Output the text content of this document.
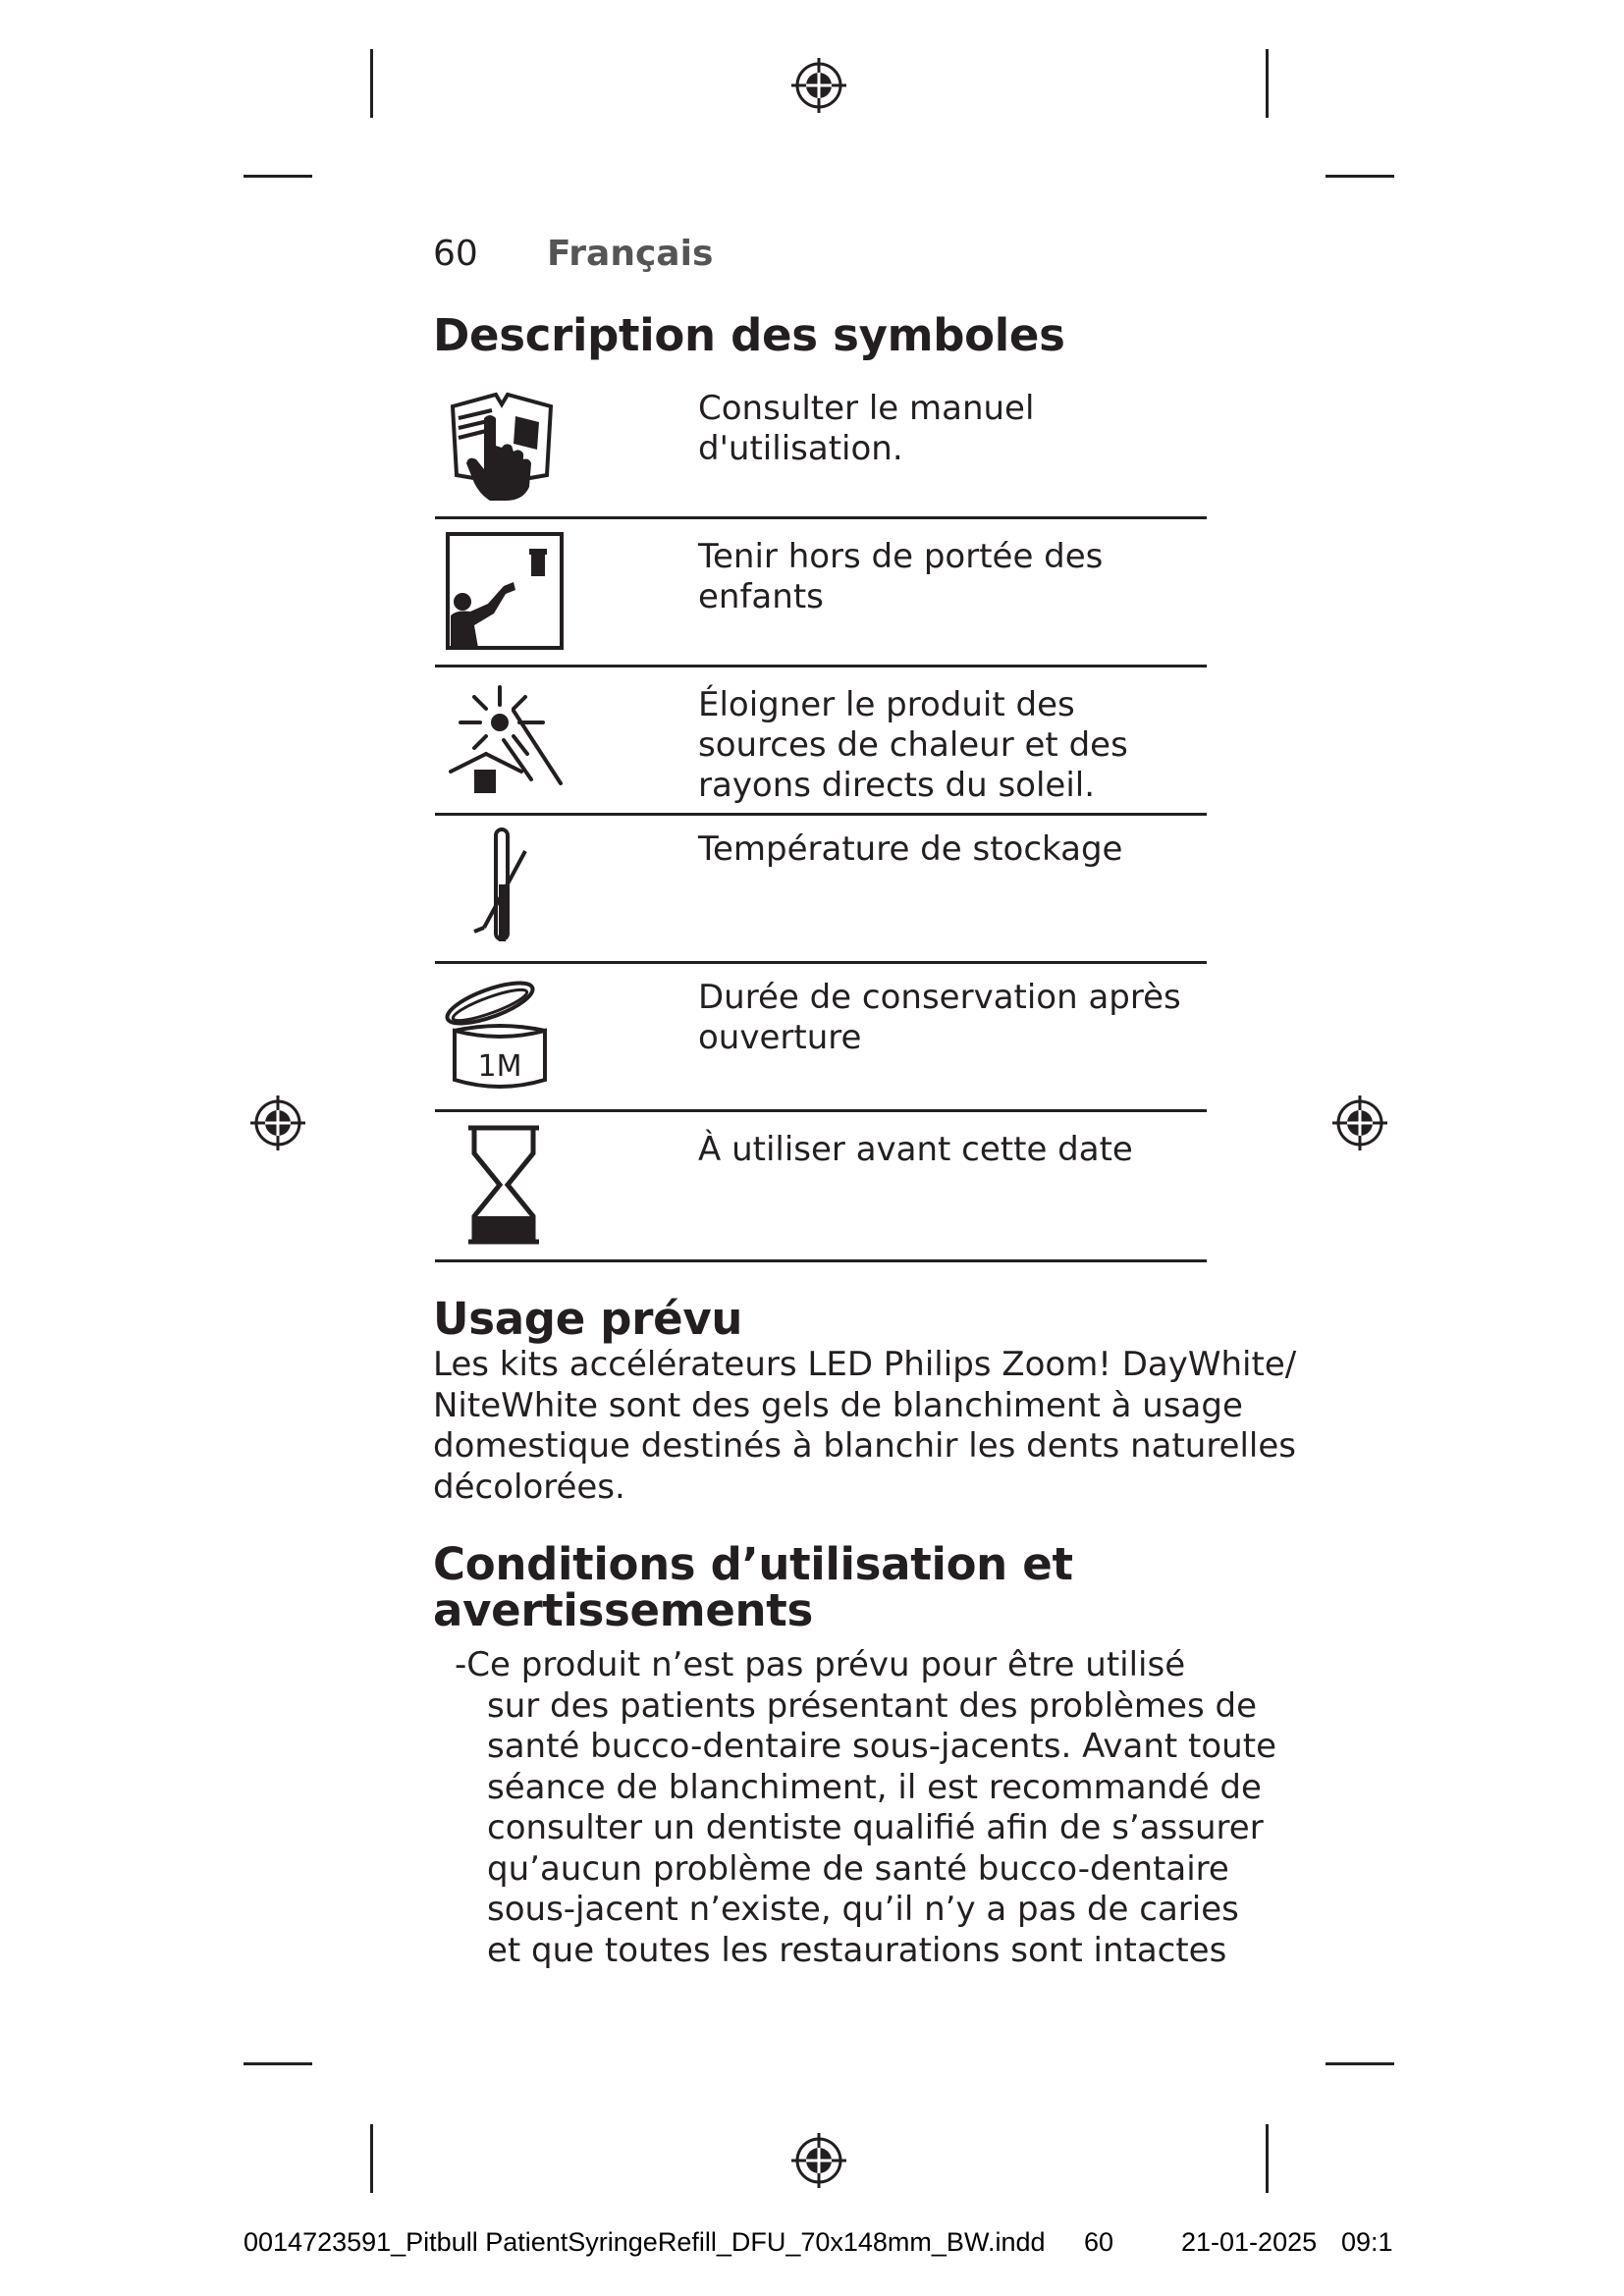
60 Français
Description des symboles
Consulter le manuel d'utilisation.
Tenir hors de portée des enfants
Éloigner le produit des sources de chaleur et des rayons directs du soleil.
Température de stockage
1M
Durée de conservation après ouverture
À utiliser avant cette date
Usage prévu
Les kits accélérateurs LED Philips Zoom! DayWhite/
NiteWhite sont des gels de blanchiment à usage
domestique destinés à blanchir les dents naturelles
décolorées.
Conditions d’utilisation et
avertissements
-Ce produit n’est pas prévu pour être utilisé
sur des patients présentant des problèmes de
santé bucco-dentaire sous-jacents. Avant toute
séance de blanchiment, il est recommandé de
consulter un dentiste qualifié afin de s’assurer
qu’aucun problème de santé bucco-dentaire
sous-jacent n’existe, qu’il n’y a pas de caries
et que toutes les restaurations sont intactes
0014723591_Pitbull PatientSyringeRefill_DFU_70x148mm_BW.indd 60	21-01-2025 09:1
